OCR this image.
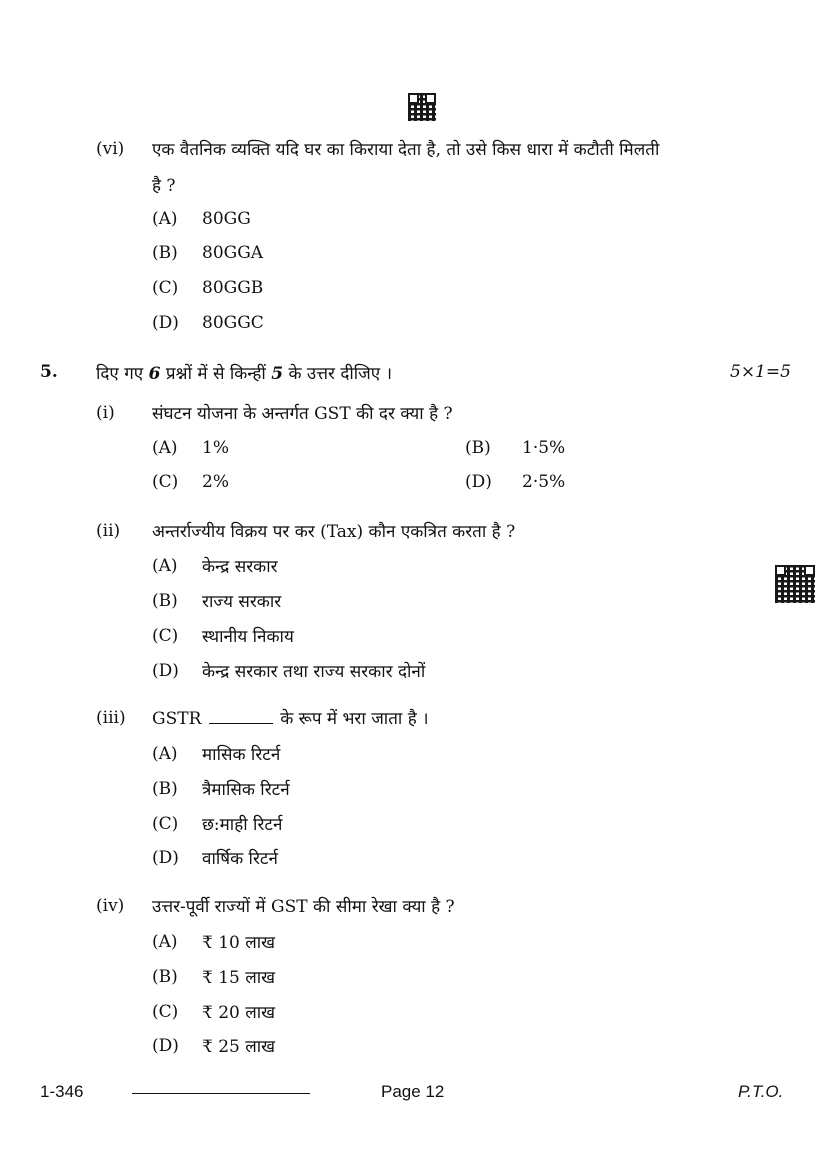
(vi) एक वैतनिक व्यक्ति यदि घर का किराया देता है, तो उसे किस धारा में कटौती मिलती
है ?
(A) 80GG
(B) 80GGA
(C) 80GGB
(D) 80GGC
5. दिए गए 6 प्रश्नों में से किन्हीं 5 के उत्तर दीजिए ।	5×1=5
(i) संघटन योजना के अन्तर्गत GST की दर क्या है ?
(A) 1%	(B) 1·5%
(C) 2%	(D) 2·5%
(ii) अन्तर्राज्यीय विक्रय पर कर (Tax) कौन एकत्रित करता है ?
(A) केन्द्र सरकार
(B) राज्य सरकार
(C) स्थानीय निकाय
(D) केन्द्र सरकार तथा राज्य सरकार दोनों
(iii) GSTR	के रूप में भरा जाता है ।
(A) मासिक रिटर्न
(B) त्रैमासिक रिटर्न
(C) छ:माही रिटर्न
(D) वार्षिक रिटर्न
(iv) उत्तर-पूर्वी राज्यों में GST की सीमा रेखा क्या है ?
(A) ₹ 10 लाख
(B) ₹ 15 लाख
(C) ₹ 20 लाख
(D) ₹ 25 लाख
1-346	Page 12	P.T.O.
